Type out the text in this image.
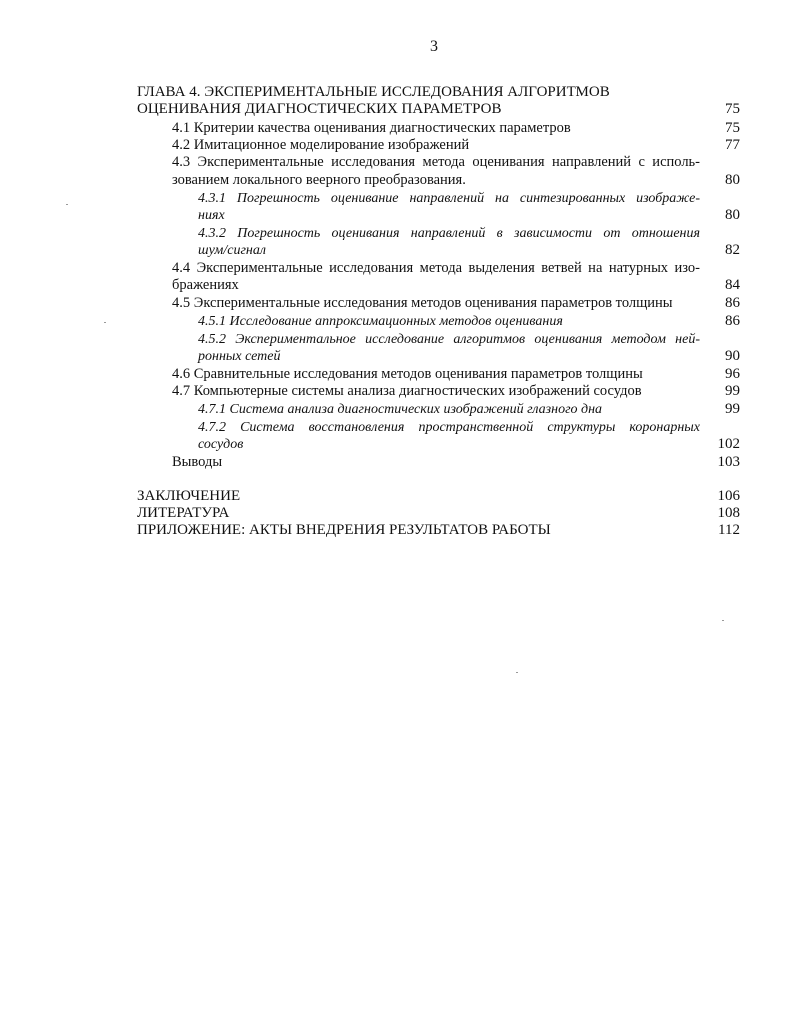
3
ГЛАВА 4. ЭКСПЕРИМЕНТАЛЬНЫЕ ИССЛЕДОВАНИЯ АЛГОРИТМОВ
ОЦЕНИВАНИЯ ДИАГНОСТИЧЕСКИХ ПАРАМЕТРОВ	75
4.1 Критерии качества оценивания диагностических параметров	75
4.2 Имитационное моделирование изображений	77
4.3 Экспериментальные исследования метода оценивания направлений с исполь-
зованием локального веерного преобразования.	80
4.3.1 Погрешность оценивание направлений на синтезированных изображе-
ниях	80
4.3.2 Погрешность оценивания направлений в зависимости от отношения
шум/сигнал	82
4.4 Экспериментальные исследования метода выделения ветвей на натурных изо-
бражениях	84
4.5 Экспериментальные исследования методов оценивания параметров толщины	86
4.5.1 Исследование аппроксимационных методов оценивания	86
4.5.2 Экспериментальное исследование алгоритмов оценивания методом ней-
ронных сетей	90
4.6 Сравнительные исследования методов оценивания параметров толщины	96
4.7 Компьютерные системы анализа диагностических изображений сосудов	99
4.7.1 Система анализа диагностических изображений глазного дна	99
4.7.2 Система восстановления пространственной структуры коронарных
сосудов	102
Выводы	103
ЗАКЛЮЧЕНИЕ	106
ЛИТЕРАТУРА	108
ПРИЛОЖЕНИЕ: АКТЫ ВНЕДРЕНИЯ РЕЗУЛЬТАТОВ РАБОТЫ	112
